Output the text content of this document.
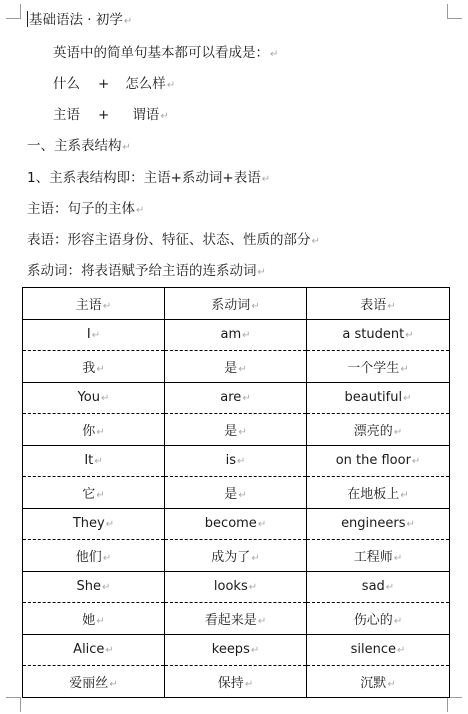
基础语法 · 初学↵
英语中的简单句基本都可以看成是：↵
什么 + 怎么样↵
主语 + 谓语↵
一、主系表结构↵
1、主系表结构即：主语+系动词+表语↵
主语：句子的主体↵
表语：形容主语身份、特征、状态、性质的部分↵
系动词：将表语赋予给主语的连系动词↵
主语↵	系动词↵	表语↵
I↵	am↵	a student↵
我↵	是↵	一个学生↵
You↵	are↵	beautiful↵
你↵	是↵	漂亮的↵
It↵	is↵	on the floor↵
它↵	是↵	在地板上↵
They↵	become↵	engineers↵
他们↵	成为了↵	工程师↵
She↵	looks↵	sad↵
她↵	看起来是↵	伤心的↵
Alice↵	keeps↵	silence↵
爱丽丝↵	保持↵	沉默↵
